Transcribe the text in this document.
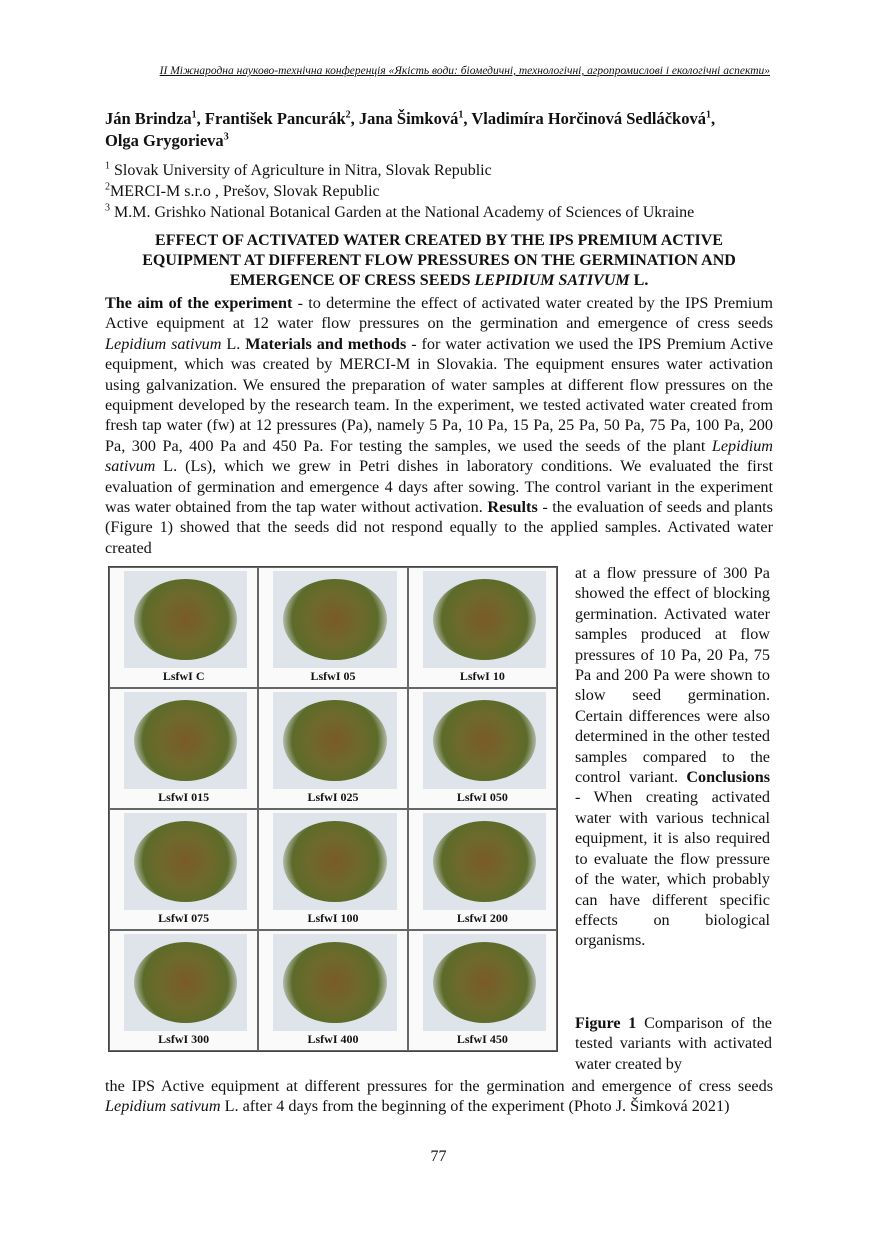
II Міжнародна науково-технічна конференція «Якість води: біомедичні, технологічні, агропромислові і екологічні аспекти»
Ján Brindza$^1$, František Pancurák$^2$, Jana Šimková$^1$, Vladimíra Horčinová Sedláčková$^1$,
Olga Grygorieva$^3$
$^1$ Slovak University of Agriculture in Nitra, Slovak Republic
$^2$MERCI-M s.r.o , Prešov, Slovak Republic
$^3$ M.M. Grishko National Botanical Garden at the National Academy of Sciences of Ukraine
EFFECT OF ACTIVATED WATER CREATED BY THE IPS PREMIUM ACTIVE EQUIPMENT AT DIFFERENT FLOW PRESSURES ON THE GERMINATION AND EMERGENCE OF CRESS SEEDS LEPIDIUM SATIVUM L.

The aim of the experiment - to determine the effect of activated water created by the IPS Premium Active equipment at 12 water flow pressures on the germination and emergence of cress seeds Lepidium sativum L. Materials and methods - for water activation we used the IPS Premium Active equipment, which was created by MERCI-M in Slovakia. The equipment ensures water activation using galvanization. We ensured the preparation of water samples at different flow pressures on the equipment developed by the research team. In the experiment, we tested activated water created from fresh tap water (fw) at 12 pressures (Pa), namely 5 Pa, 10 Pa, 15 Pa, 25 Pa, 50 Pa, 75 Pa, 100 Pa, 200 Pa, 300 Pa, 400 Pa and 450 Pa. For testing the samples, we used the seeds of the plant Lepidium sativum L. (Ls), which we grew in Petri dishes in laboratory conditions. We evaluated the first evaluation of germination and emergence 4 days after sowing. The control variant in the experiment was water obtained from the tap water without activation. Results - the evaluation of seeds and plants (Figure 1) showed that the seeds did not respond equally to the applied samples. Activated water created

LsfwI C	LsfwI 05	LsfwI 10
LsfwI 015	LsfwI 025	LsfwI 050
LsfwI 075	LsfwI 100	LsfwI 200
LsfwI 300	LsfwI 400	LsfwI 450

at a flow pressure of 300 Pa showed the effect of blocking germination. Activated water samples produced at flow pressures of 10 Pa, 20 Pa, 75 Pa and 200 Pa were shown to slow seed germination. Certain differences were also determined in the other tested samples compared to the control variant. Conclusions - When creating activated water with various technical equipment, it is also required to evaluate the flow pressure of the water, which probably can have different specific effects on biological organisms.

Figure 1 Comparison of the tested variants with activated water created by
the IPS Active equipment at different pressures for the germination and emergence of cress seeds Lepidium sativum L. after 4 days from the beginning of the experiment (Photo J. Šimková 2021)
77
